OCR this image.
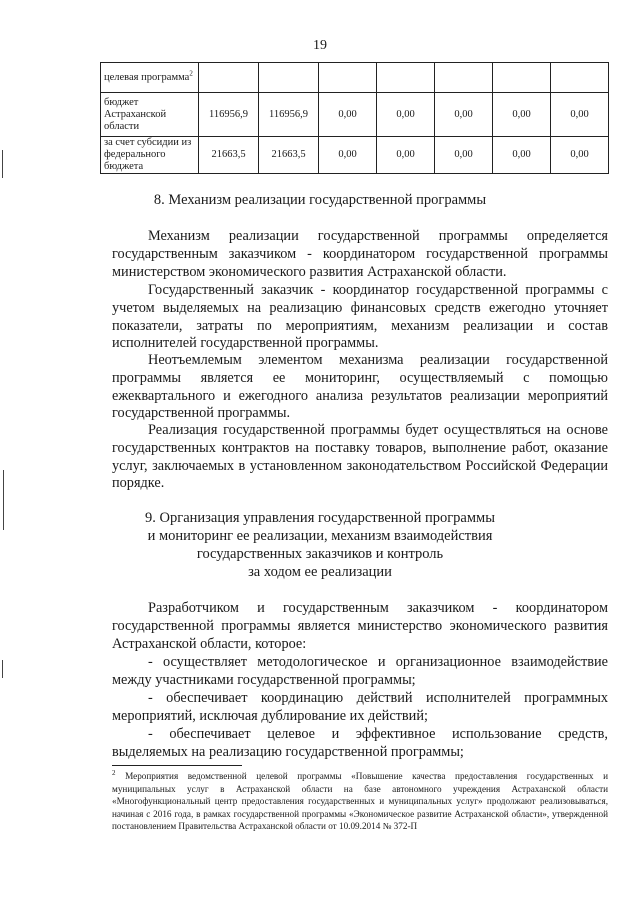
19
целевая программа$^2$							
бюджет Астраханской области	116956,9	116956,9	0,00	0,00	0,00	0,00	0,00
за счет субсидии из федерального бюджета	21663,5	21663,5	0,00	0,00	0,00	0,00	0,00
8. Механизм реализации государственной программы

Механизм реализации государственной программы определяется государственным заказчиком - координатором государственной программы министерством экономического развития Астраханской области.

Государственный заказчик - координатор государственной программы с учетом выделяемых на реализацию финансовых средств ежегодно уточняет показатели, затраты по мероприятиям, механизм реализации и состав исполнителей государственной программы.

Неотъемлемым элементом механизма реализации государственной программы является ее мониторинг, осуществляемый с помощью ежеквартального и ежегодного анализа результатов реализации мероприятий государственной программы.

Реализация государственной программы будет осуществляться на основе государственных контрактов на поставку товаров, выполнение работ, оказание услуг, заключаемых в установленном законодательством Российской Федерации порядке.

9. Организация управления государственной программы
и мониторинг ее реализации, механизм взаимодействия
государственных заказчиков и контроль
за ходом ее реализации

Разработчиком и государственным заказчиком - координатором государственной программы является министерство экономического развития Астраханской области, которое:

- осуществляет методологическое и организационное взаимодействие между участниками государственной программы;

- обеспечивает координацию действий исполнителей программных мероприятий, исключая дублирование их действий;

- обеспечивает целевое и эффективное использование средств, выделяемых на реализацию государственной программы;

$^2$ Мероприятия ведомственной целевой программы «Повышение качества предоставления государственных и муниципальных услуг в Астраханской области на базе автономного учреждения Астраханской области «Многофункциональный центр предоставления государственных и муниципальных услуг» продолжают реализовываться, начиная с 2016 года, в рамках государственной программы «Экономическое развитие Астраханской области», утвержденной постановлением Правительства Астраханской области от 10.09.2014 № 372-П
